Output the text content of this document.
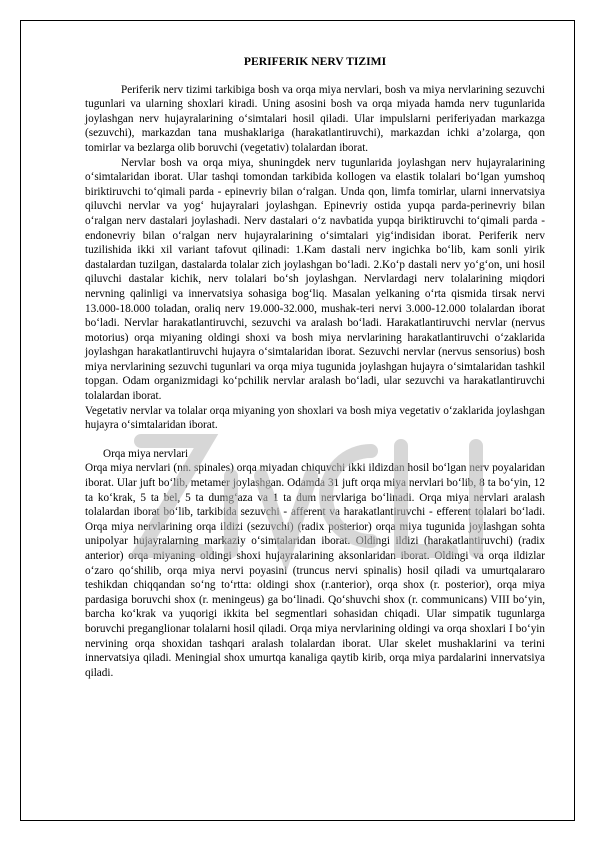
PERIFERIK NERV TIZIMI

Periferik nerv tizimi tarkibiga bosh va orqa miya nervlari, bosh va miya nervlarining sezuvchi tugunlari va ularning shoxlari kiradi. Uning asosini bosh va orqa miyada hamda nerv tugunlarida joylashgan nerv hujayralarining o‘simtalari hosil qiladi. Ular impulslarni periferiyadan markazga (sezuvchi), markazdan tana mushaklariga (harakatlantiruvchi), markazdan ichki a’zolarga, qon tomirlar va bezlarga olib boruvchi (vegetativ) tolalardan iborat.

Nervlar bosh va orqa miya, shuningdek nerv tugunlarida joylashgan nerv hujayralarining o‘simtalaridan iborat. Ular tashqi tomondan tarkibida kollogen va elastik tolalari bo‘lgan yumshoq biriktiruvchi to‘qimali parda - epinevriy bilan o‘ralgan. Unda qon, limfa tomirlar, ularni innervatsiya qiluvchi nervlar va yog‘ hujayralari joylashgan. Epinevriy ostida yupqa parda-perinevriy bilan o‘ralgan nerv dastalari joylashadi. Nerv dastalari o‘z navbatida yupqa biriktiruvchi to‘qimali parda - endonevriy bilan o‘ralgan nerv hujayralarining o‘simtalari yig‘indisidan iborat. Periferik nerv tuzilishida ikki xil variant tafovut qilinadi: 1.Kam dastali nerv ingichka bo‘lib, kam sonli yirik dastalardan tuzilgan, dastalarda tolalar zich joylashgan bo‘ladi. 2.Ko‘p dastali nerv yo‘g‘on, uni hosil qiluvchi dastalar kichik, nerv tolalari bo‘sh joylashgan. Nervlardagi nerv tolalarining miqdori nervning qalinligi va innervatsiya sohasiga bog‘liq. Masalan yelkaning o‘rta qismida tirsak nervi 13.000-18.000 toladan, oraliq nerv 19.000-32.000, mushak-teri nervi 3.000-12.000 tolalardan iborat bo‘ladi. Nervlar harakatlantiruvchi, sezuvchi va aralash bo‘ladi. Harakatlantiruvchi nervlar (nervus motorius) orqa miyaning oldingi shoxi va bosh miya nervlarining harakatlantiruvchi o‘zaklarida joylashgan harakatlantiruvchi hujayra o‘simtalaridan iborat. Sezuvchi nervlar (nervus sensorius) bosh miya nervlarining sezuvchi tugunlari va orqa miya tugunida joylashgan hujayra o‘simtalaridan tashkil topgan. Odam organizmidagi ko‘pchilik nervlar aralash bo‘ladi, ular sezuvchi va harakatlantiruvchi tolalardan iborat.

Vegetativ nervlar va tolalar orqa miyaning yon shoxlari va bosh miya vegetativ o‘zaklarida joylashgan hujayra o‘simtalaridan iborat.

Orqa miya nervlari

Orqa miya nervlari (nn. spinales) orqa miyadan chiquvchi ikki ildizdan hosil bo‘lgan nerv poyalaridan iborat. Ular juft bo‘lib, metamer joylashgan. Odamda 31 juft orqa miya nervlari bo‘lib, 8 ta bo‘yin, 12 ta ko‘krak, 5 ta bel, 5 ta dumg‘aza va 1 ta dum nervlariga bo‘linadi. Orqa miya nervlari aralash tolalardan iborat bo‘lib, tarkibida sezuvchi - afferent va harakatlantiruvchi - efferent tolalari bo‘ladi. Orqa miya nervlarining orqa ildizi (sezuvchi) (radix posterior) orqa miya tugunida joylashgan sohta unipolyar hujayralarning markaziy o‘simtalaridan iborat. Oldingi ildizi (harakatlantiruvchi) (radix anterior) orqa miyaning oldingi shoxi hujayralarining aksonlaridan iborat. Oldingi va orqa ildizlar o‘zaro qo‘shilib, orqa miya nervi poyasini (truncus nervi spinalis) hosil qiladi va umurtqalararo teshikdan chiqqandan so‘ng to‘rtta: oldingi shox (r.anterior), orqa shox (r. posterior), orqa miya pardasiga boruvchi shox (r. meningeus) ga bo‘linadi. Qo‘shuvchi shox (r. communicans) VIII bo‘yin, barcha ko‘krak va yuqorigi ikkita bel segmentlari sohasidan chiqadi. Ular simpatik tugunlarga boruvchi preganglionar tolalarni hosil qiladi. Orqa miya nervlarining oldingi va orqa shoxlari I bo‘yin nervining orqa shoxidan tashqari aralash tolalardan iborat. Ular skelet mushaklarini va terini innervatsiya qiladi. Meningial shox umurtqa kanaliga qaytib kirib, orqa miya pardalarini innervatsiya qiladi.
